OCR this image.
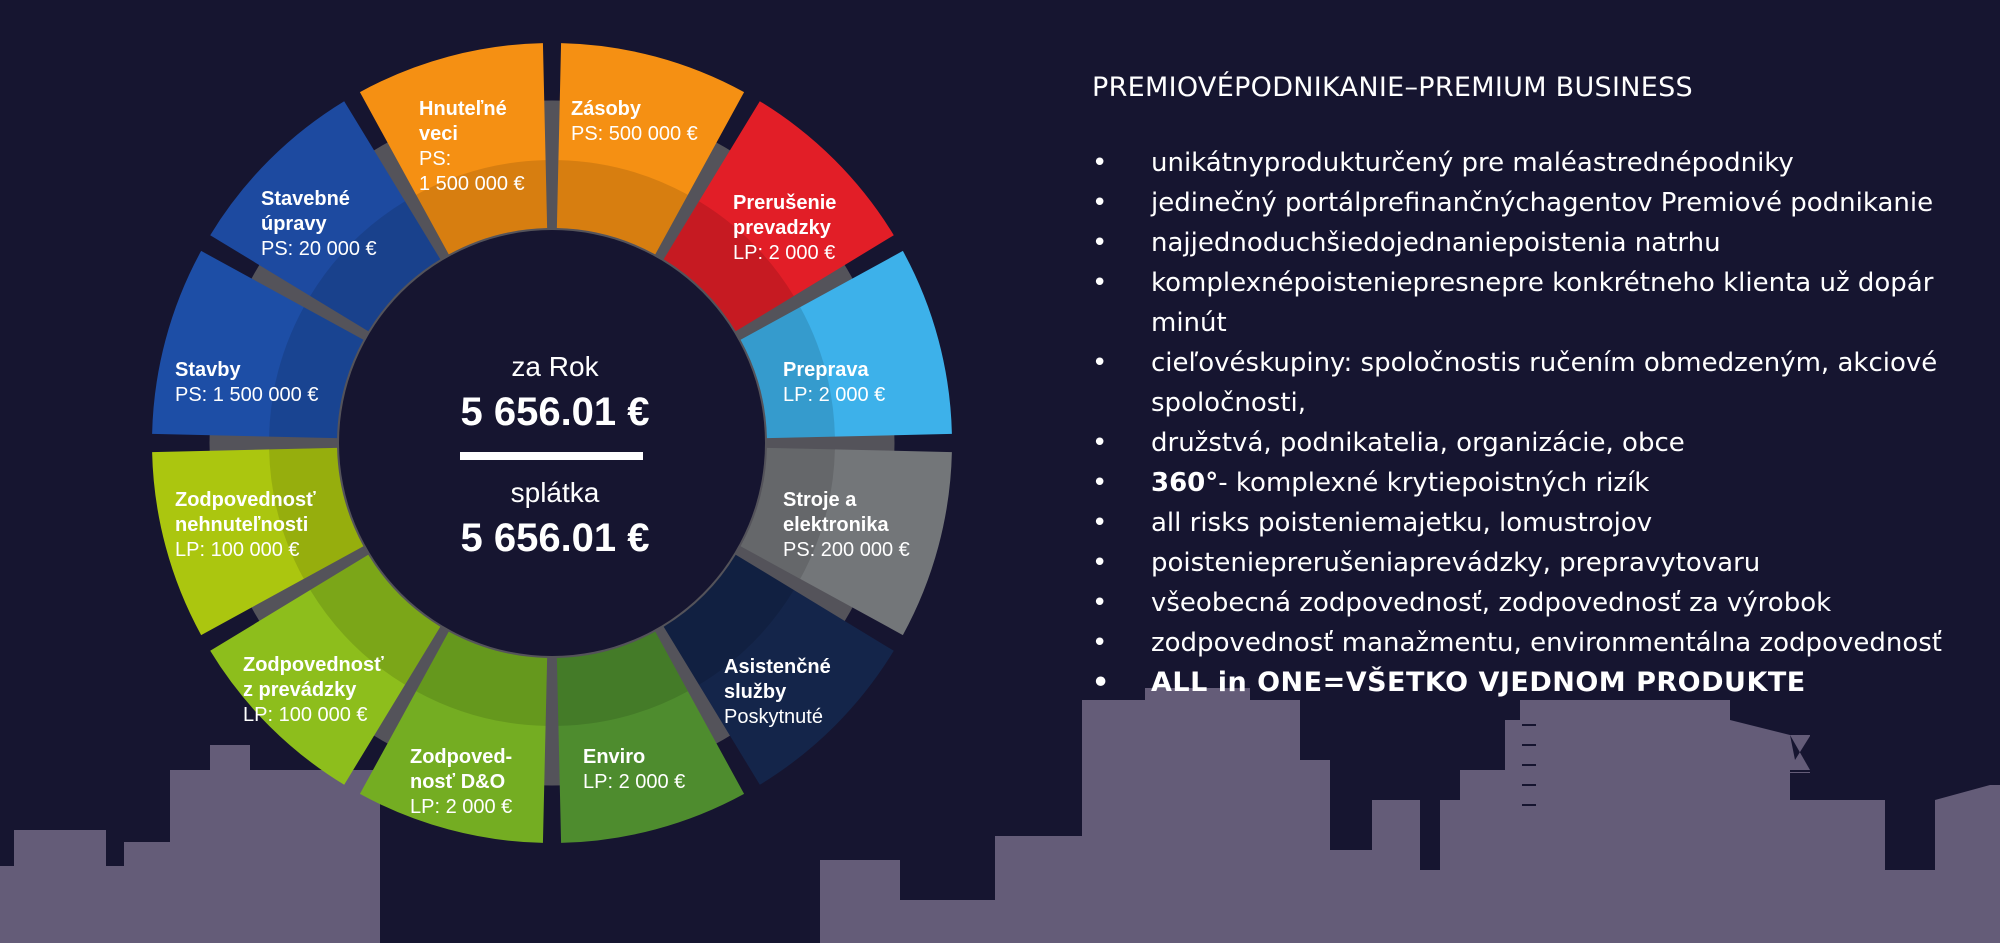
Zásoby
PS: 500 000 €
Prerušenie
prevadzky
LP: 2 000 €
Preprava
LP: 2 000 €
Stroje a
elektronika
PS: 200 000 €
Asistenčné
služby
Poskytnuté
Enviro
LP: 2 000 €
Zodpoved-
nosť D&O
LP: 2 000 €
Zodpovednosť
z prevádzky
LP: 100 000 €
Zodpovednosť
nehnuteľnosti
LP: 100 000 €
Stavby
PS: 1 500 000 €
Stavebné
úpravy
PS: 20 000 €
Hnuteľné
veci
PS:
1 500 000 €
za Rok
5 656.01 €
splátka
5 656.01 €
PREMIOVÉPODNIKANIE–PREMIUM BUSINESS
• unikátnyprodukturčený pre maléastrednépodniky
• jedinečný portálprefinančnýchagentov Premiové podnikanie
• najjednoduchšiedojednaniepoistenia natrhu
• komplexnépoisteniepresnepre konkrétneho klienta už dopár minút
• cieľovéskupiny: spoločnostis ručením obmedzeným, akciové spoločnosti,
• družstvá, podnikatelia, organizácie, obce
• 360°- komplexné krytiepoistných rizík
• all risks poisteniemajetku, lomustrojov
• poistenieprerušeniaprevádzky, prepravytovaru
• všeobecná zodpovednosť, zodpovednosť za výrobok
• zodpovednosť manažmentu, environmentálna zodpovednosť
• ALL in ONE=VŠETKO VJEDNOM PRODUKTE
